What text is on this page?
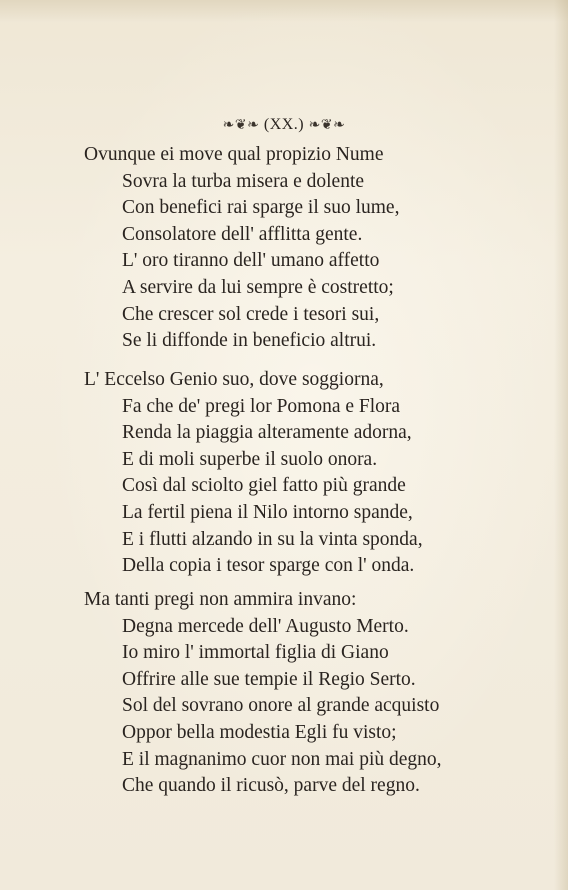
❧❦❧ (XX.) ❧❦❧
Ovunque ei move qual propizio Nume
Sovra la turba misera e dolente
Con benefici rai sparge il suo lume,
Consolatore dell' afflitta gente.
L' oro tiranno dell' umano affetto
A servire da lui sempre è costretto;
Che crescer sol crede i tesori sui,
Se li diffonde in beneficio altrui.
L' Eccelso Genio suo, dove soggiorna,
Fa che de' pregi lor Pomona e Flora
Renda la piaggia alteramente adorna,
E di moli superbe il suolo onora.
Così dal sciolto giel fatto più grande
La fertil piena il Nilo intorno spande,
E i flutti alzando in su la vinta sponda,
Della copia i tesor sparge con l' onda.
Ma tanti pregi non ammira invano:
Degna mercede dell' Augusto Merto.
Io miro l' immortal figlia di Giano
Offrire alle sue tempie il Regio Serto.
Sol del sovrano onore al grande acquisto
Oppor bella modestia Egli fu visto;
E il magnanimo cuor non mai più degno,
Che quando il ricusò, parve del regno.
